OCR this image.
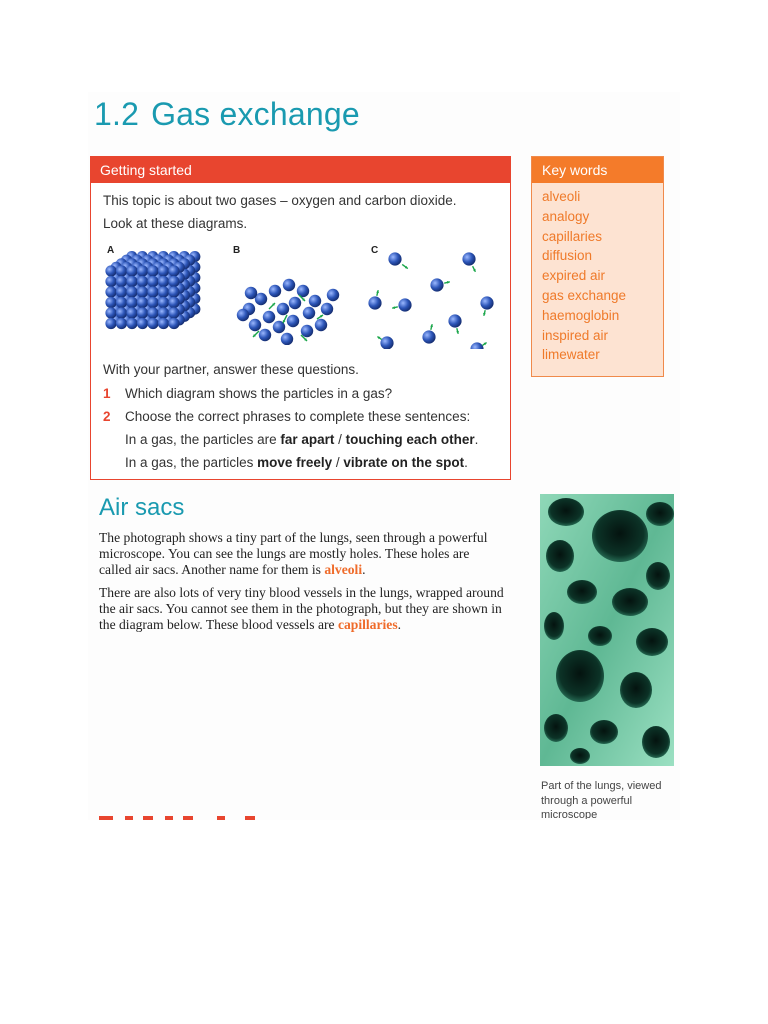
1.2 Gas exchange
Getting started

This topic is about two gases – oxygen and carbon dioxide.

Look at these diagrams.

A	B	C

With your partner, answer these questions.

1 Which diagram shows the particles in a gas?

2 Choose the correct phrases to complete these sentences:

In a gas, the particles are far apart / touching each other.

In a gas, the particles move freely / vibrate on the spot.

Key words
alveoli
analogy
capillaries
diffusion
expired air
gas exchange
haemoglobin
inspired air
limewater
Air sacs

The photograph shows a tiny part of the lungs, seen through a powerful microscope. You can see the lungs are mostly holes. These holes are called air sacs. Another name for them is alveoli.

There are also lots of very tiny blood vessels in the lungs, wrapped around the air sacs. You cannot see them in the photograph, but they are shown in the diagram below. These blood vessels are capillaries.

Part of the lungs, viewed through a powerful microscope
